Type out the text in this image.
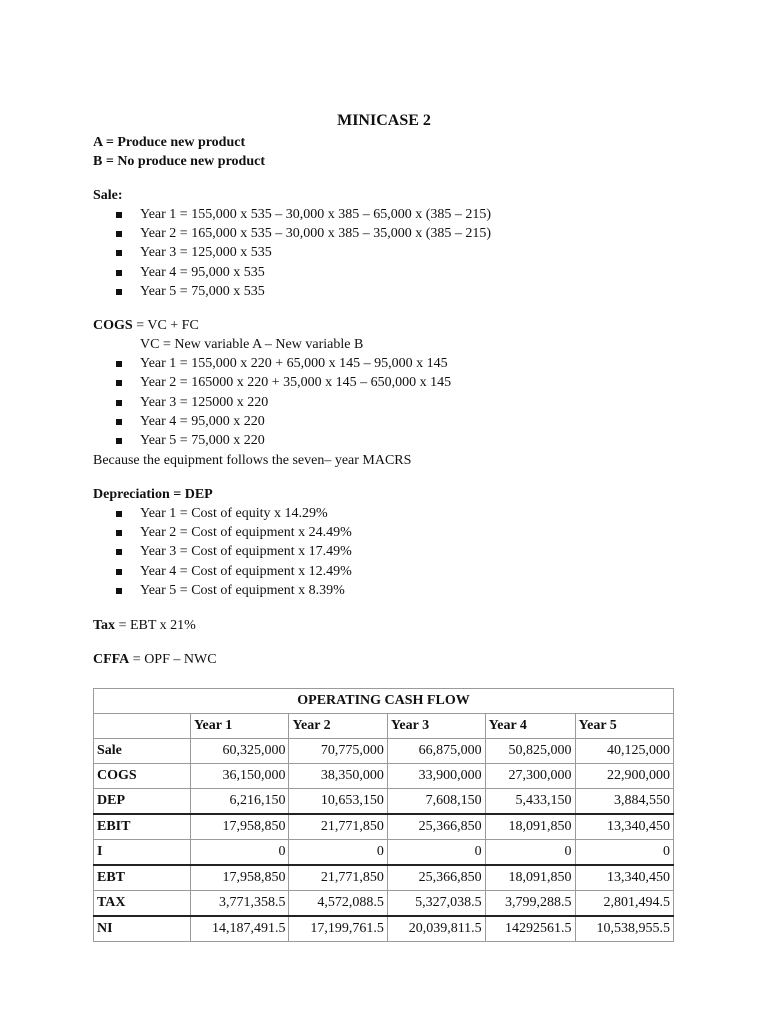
MINICASE 2
A = Produce new product
B = No produce new product
Sale:
Year 1 = 155,000 x 535 – 30,000 x 385 – 65,000 x (385 – 215)
Year 2 = 165,000 x 535 – 30,000 x 385 – 35,000 x (385 – 215)
Year 3 = 125,000 x 535
Year 4 = 95,000 x 535
Year 5 = 75,000 x 535
COGS = VC + FC
VC = New variable A – New variable B
Year 1 = 155,000 x 220 + 65,000 x 145 – 95,000 x 145
Year 2 = 165000 x 220 + 35,000 x 145 – 650,000 x 145
Year 3 = 125000 x 220
Year 4 = 95,000 x 220
Year 5 = 75,000 x 220
Because the equipment follows the seven– year MACRS
Depreciation = DEP
Year 1 = Cost of equity x 14.29%
Year 2 = Cost of equipment x 24.49%
Year 3 = Cost of equipment x 17.49%
Year 4 = Cost of equipment x 12.49%
Year 5 = Cost of equipment x 8.39%
Tax = EBT x 21%
CFFA = OPF – NWC
OPERATING CASH FLOW					
	Year 1	Year 2	Year 3	Year 4	Year 5
Sale	60,325,000	70,775,000	66,875,000	50,825,000	40,125,000
COGS	36,150,000	38,350,000	33,900,000	27,300,000	22,900,000
DEP	6,216,150	10,653,150	7,608,150	5,433,150	3,884,550
EBIT	17,958,850	21,771,850	25,366,850	18,091,850	13,340,450
I	0	0	0	0	0
EBT	17,958,850	21,771,850	25,366,850	18,091,850	13,340,450
TAX	3,771,358.5	4,572,088.5	5,327,038.5	3,799,288.5	2,801,494.5
NI	14,187,491.5	17,199,761.5	20,039,811.5	14292561.5	10,538,955.5
